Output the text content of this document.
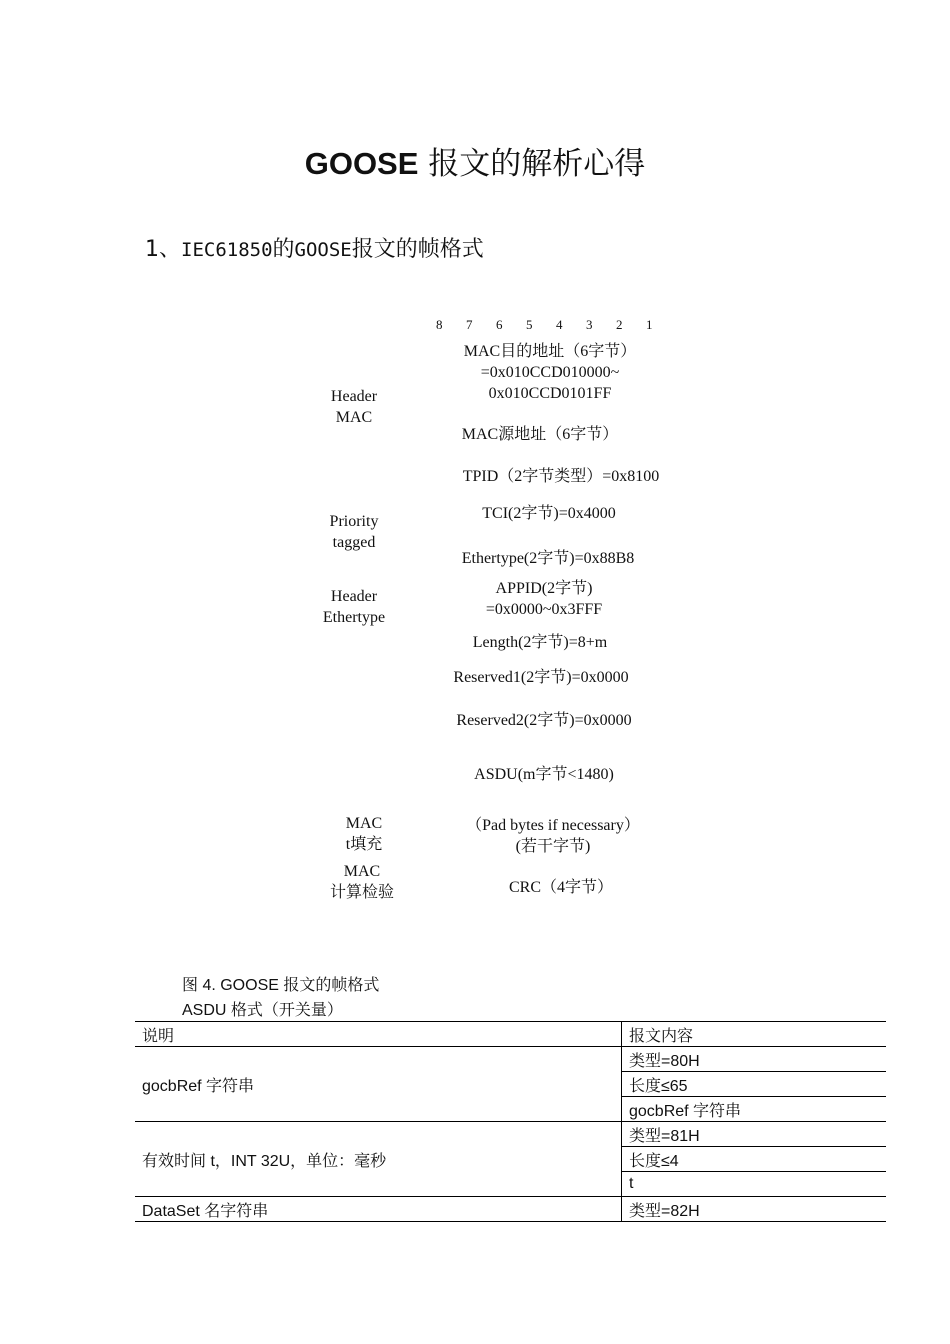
GOOSE 报文的解析心得
1、IEC61850的GOOSE报文的帧格式
8 7 6 5 4 3 2 1
Header
MAC
Priority
tagged
Header
Ethertype
MAC
t填充
MAC
计算检验
MAC目的地址（6字节）
=0x010CCD010000~
0x010CCD0101FF
MAC源地址（6字节）
TPID（2字节类型）=0x8100
TCI(2字节)=0x4000
Ethertype(2字节)=0x88B8
APPID(2字节)
=0x0000~0x3FFF
Length(2字节)=8+m
Reserved1(2字节)=0x0000
Reserved2(2字节)=0x0000
ASDU(m字节<1480)
（Pad bytes if necessary）
(若干字节)
CRC（4字节）
图 4. GOOSE 报文的帧格式
ASDU 格式（开关量）
说明	报文内容
gocbRef 字符串	类型=80H
	长度≤65
	gocbRef 字符串
有效时间 t，INT 32U，单位：毫秒	类型=81H
	长度≤4
	t
DataSet 名字符串	类型=82H
